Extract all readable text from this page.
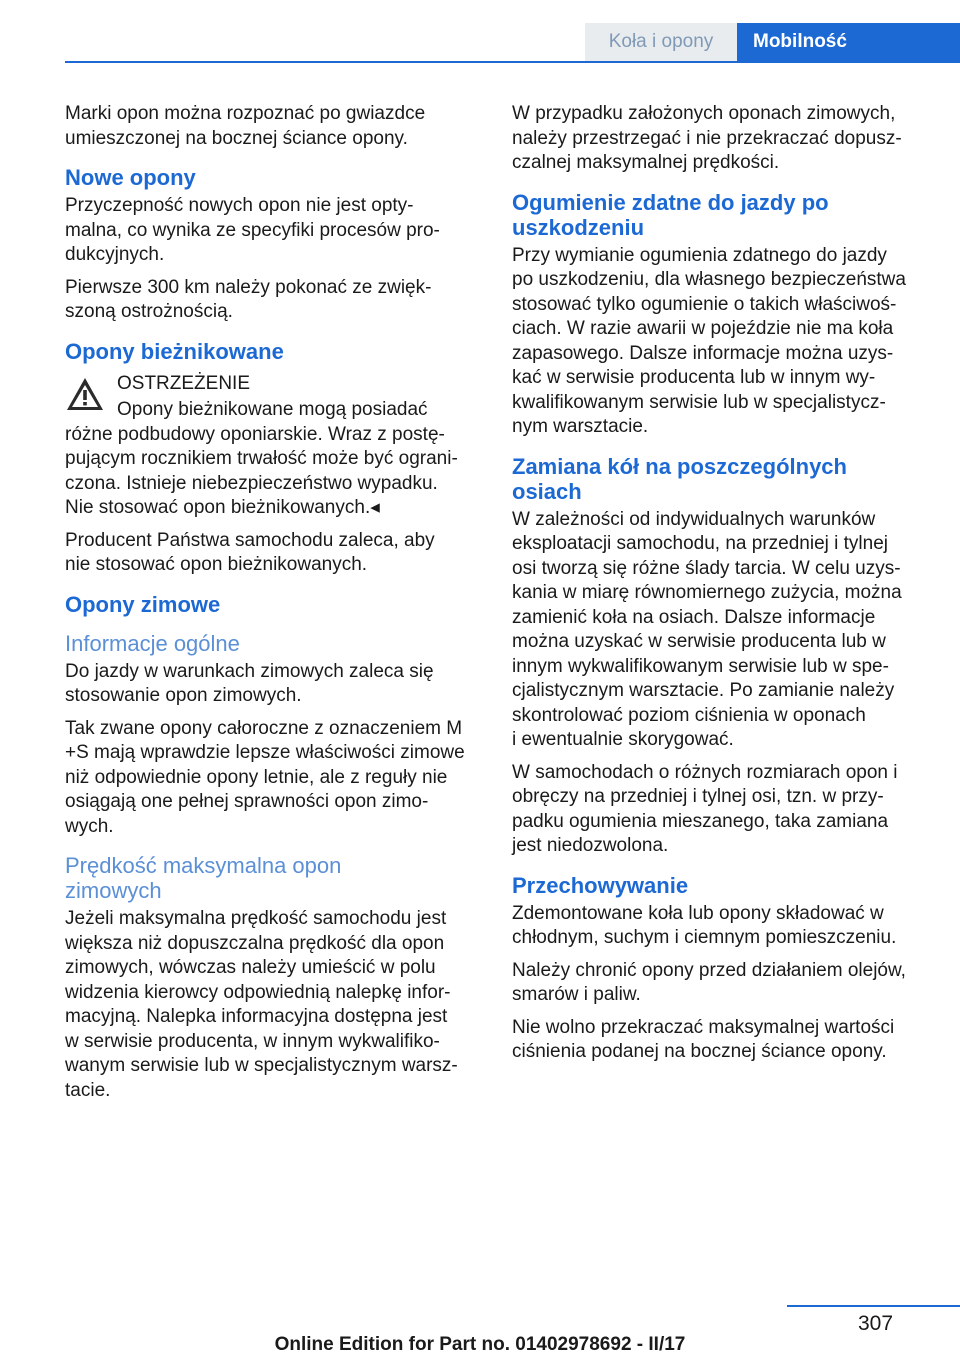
Koła i opony	Mobilność

Marki opon można rozpoznać po gwiazdce
umieszczonej na bocznej ściance opony.

Nowe opony

Przyczepność nowych opon nie jest opty-
malna, co wynika ze specyfiki procesów pro-
dukcyjnych.

Pierwsze 300 km należy pokonać ze zwięk-
szoną ostrożnością.

Opony bieżnikowane

OSTRZEŻENIE

Opony bieżnikowane mogą posiadać

różne podbudowy oponiarskie. Wraz z postę-
pującym rocznikiem trwałość może być ograni-
czona. Istnieje niebezpieczeństwo wypadku.
Nie stosować opon bieżnikowanych.◂

Producent Państwa samochodu zaleca, aby
nie stosować opon bieżnikowanych.

Opony zimowe
Informacje ogólne

Do jazdy w warunkach zimowych zaleca się
stosowanie opon zimowych.

Tak zwane opony całoroczne z oznaczeniem M
+S mają wprawdzie lepsze właściwości zimowe
niż odpowiednie opony letnie, ale z reguły nie
osiągają one pełnej sprawności opon zimo-
wych.

Prędkość maksymalna opon
zimowych

Jeżeli maksymalna prędkość samochodu jest
większa niż dopuszczalna prędkość dla opon
zimowych, wówczas należy umieścić w polu
widzenia kierowcy odpowiednią nalepkę infor-
macyjną. Nalepka informacyjna dostępna jest
w serwisie producenta, w innym wykwalifiko-
wanym serwisie lub w specjalistycznym warsz-
tacie.

W przypadku założonych oponach zimowych,
należy przestrzegać i nie przekraczać dopusz-
czalnej maksymalnej prędkości.

Ogumienie zdatne do jazdy po
uszkodzeniu

Przy wymianie ogumienia zdatnego do jazdy
po uszkodzeniu, dla własnego bezpieczeństwa
stosować tylko ogumienie o takich właściwoś-
ciach. W razie awarii w pojeździe nie ma koła
zapasowego. Dalsze informacje można uzys-
kać w serwisie producenta lub w innym wy-
kwalifikowanym serwisie lub w specjalistycz-
nym warsztacie.

Zamiana kół na poszczególnych
osiach

W zależności od indywidualnych warunków
eksploatacji samochodu, na przedniej i tylnej
osi tworzą się różne ślady tarcia. W celu uzys-
kania w miarę równomiernego zużycia, można
zamienić koła na osiach. Dalsze informacje
można uzyskać w serwisie producenta lub w
innym wykwalifikowanym serwisie lub w spe-
cjalistycznym warsztacie. Po zamianie należy
skontrolować poziom ciśnienia w oponach
i ewentualnie skorygować.

W samochodach o różnych rozmiarach opon i
obręczy na przedniej i tylnej osi, tzn. w przy-
padku ogumienia mieszanego, taka zamiana
jest niedozwolona.

Przechowywanie

Zdemontowane koła lub opony składować w
chłodnym, suchym i ciemnym pomieszczeniu.

Należy chronić opony przed działaniem olejów,
smarów i paliw.

Nie wolno przekraczać maksymalnej wartości
ciśnienia podanej na bocznej ściance opony.

307
Online Edition for Part no. 01402978692 - II/17
